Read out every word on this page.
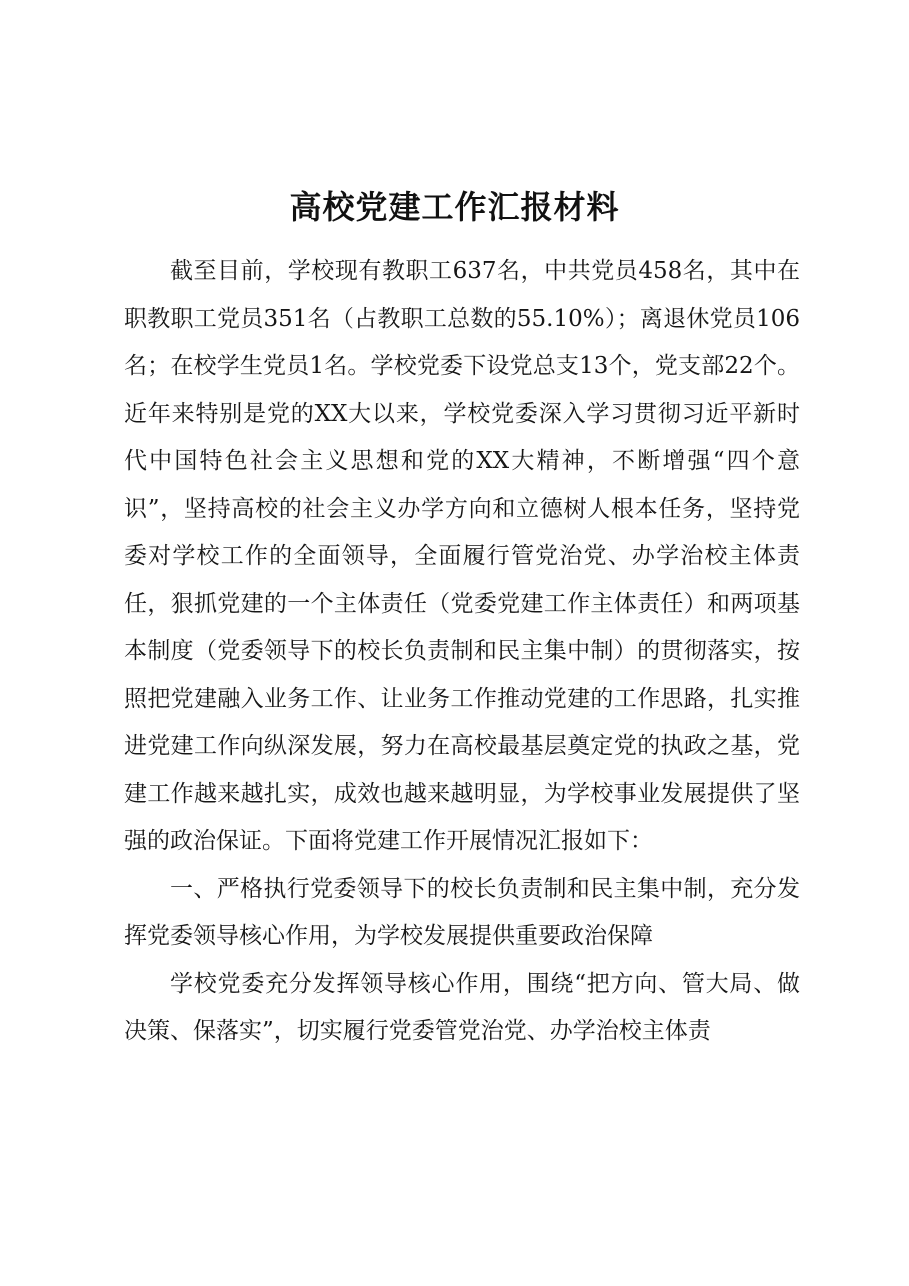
高校党建工作汇报材料

截至目前，学校现有教职工637名，中共党员458名，其中在职教职工党员351名（占教职工总数的55.10%）；离退休党员106名；在校学生党员1名。学校党委下设党总支13个，党支部22个。近年来特别是党的XX大以来，学校党委深入学习贯彻习近平新时代中国特色社会主义思想和党的XX大精神，不断增强“四个意识”，坚持高校的社会主义办学方向和立德树人根本任务，坚持党委对学校工作的全面领导，全面履行管党治党、办学治校主体责任，狠抓党建的一个主体责任（党委党建工作主体责任）和两项基本制度（党委领导下的校长负责制和民主集中制）的贯彻落实，按照把党建融入业务工作、让业务工作推动党建的工作思路，扎实推进党建工作向纵深发展，努力在高校最基层奠定党的执政之基，党建工作越来越扎实，成效也越来越明显，为学校事业发展提供了坚强的政治保证。下面将党建工作开展情况汇报如下：

一、严格执行党委领导下的校长负责制和民主集中制，充分发挥党委领导核心作用，为学校发展提供重要政治保障

学校党委充分发挥领导核心作用，围绕“把方向、管大局、做决策、保落实”，切实履行党委管党治党、办学治校主体责
